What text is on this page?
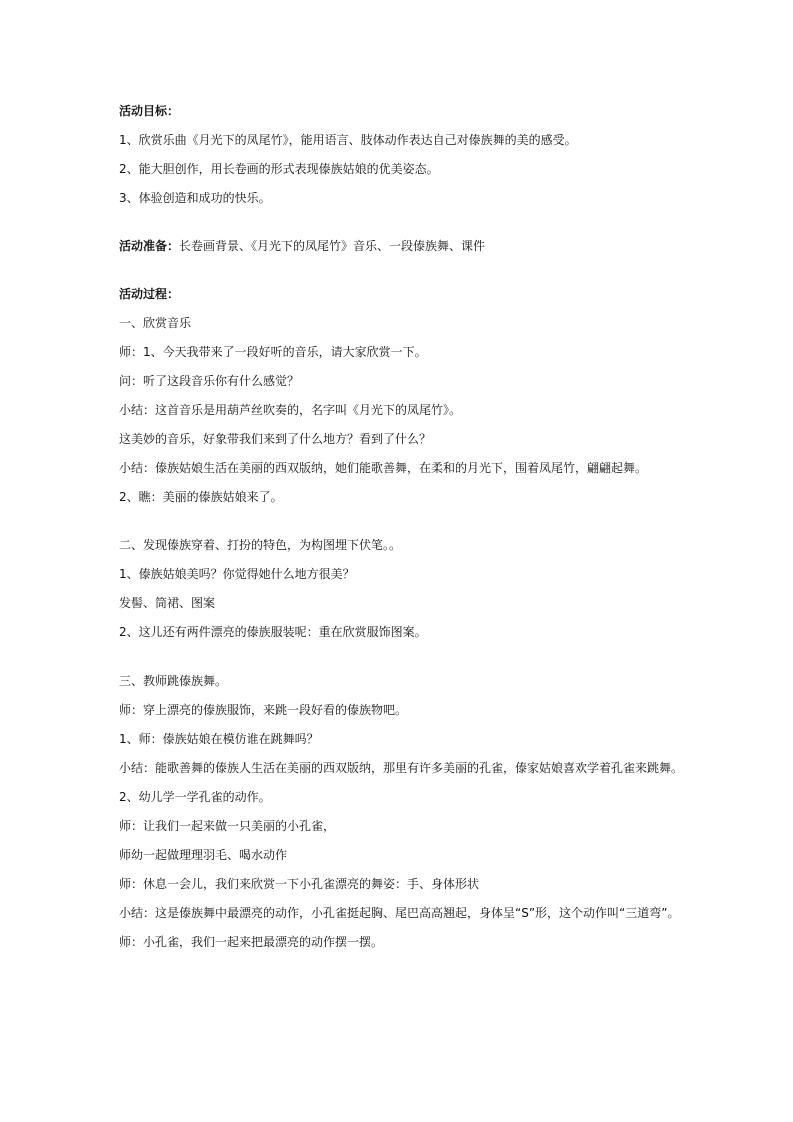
活动目标：
1、欣赏乐曲《月光下的凤尾竹》，能用语言、肢体动作表达自己对傣族舞的美的感受。
2、能大胆创作，用长卷画的形式表现傣族姑娘的优美姿态。
3、体验创造和成功的快乐。
活动准备：长卷画背景、《月光下的凤尾竹》音乐、一段傣族舞、课件
活动过程：
一、欣赏音乐
师：1、今天我带来了一段好听的音乐，请大家欣赏一下。
问：听了这段音乐你有什么感觉？
小结：这首音乐是用葫芦丝吹奏的，名字叫《月光下的凤尾竹》。
这美妙的音乐，好象带我们来到了什么地方？看到了什么？
小结：傣族姑娘生活在美丽的西双版纳，她们能歌善舞，在柔和的月光下，围着凤尾竹，翩翩起舞。
2、瞧：美丽的傣族姑娘来了。
二、发现傣族穿着、打扮的特色，为构图埋下伏笔。。
1、傣族姑娘美吗？你觉得她什么地方很美？
发髻、筒裙、图案
2、这儿还有两件漂亮的傣族服装呢：重在欣赏服饰图案。
三、教师跳傣族舞。
师：穿上漂亮的傣族服饰，来跳一段好看的傣族物吧。
1、师：傣族姑娘在模仿谁在跳舞吗？
小结：能歌善舞的傣族人生活在美丽的西双版纳，那里有许多美丽的孔雀，傣家姑娘喜欢学着孔雀来跳舞。
2、幼儿学一学孔雀的动作。
师：让我们一起来做一只美丽的小孔雀，
师幼一起做理理羽毛、喝水动作
师：休息一会儿，我们来欣赏一下小孔雀漂亮的舞姿：手、身体形状
小结：这是傣族舞中最漂亮的动作，小孔雀挺起胸、尾巴高高翘起，身体呈“S”形，这个动作叫“三道弯”。
师：小孔雀，我们一起来把最漂亮的动作摆一摆。
